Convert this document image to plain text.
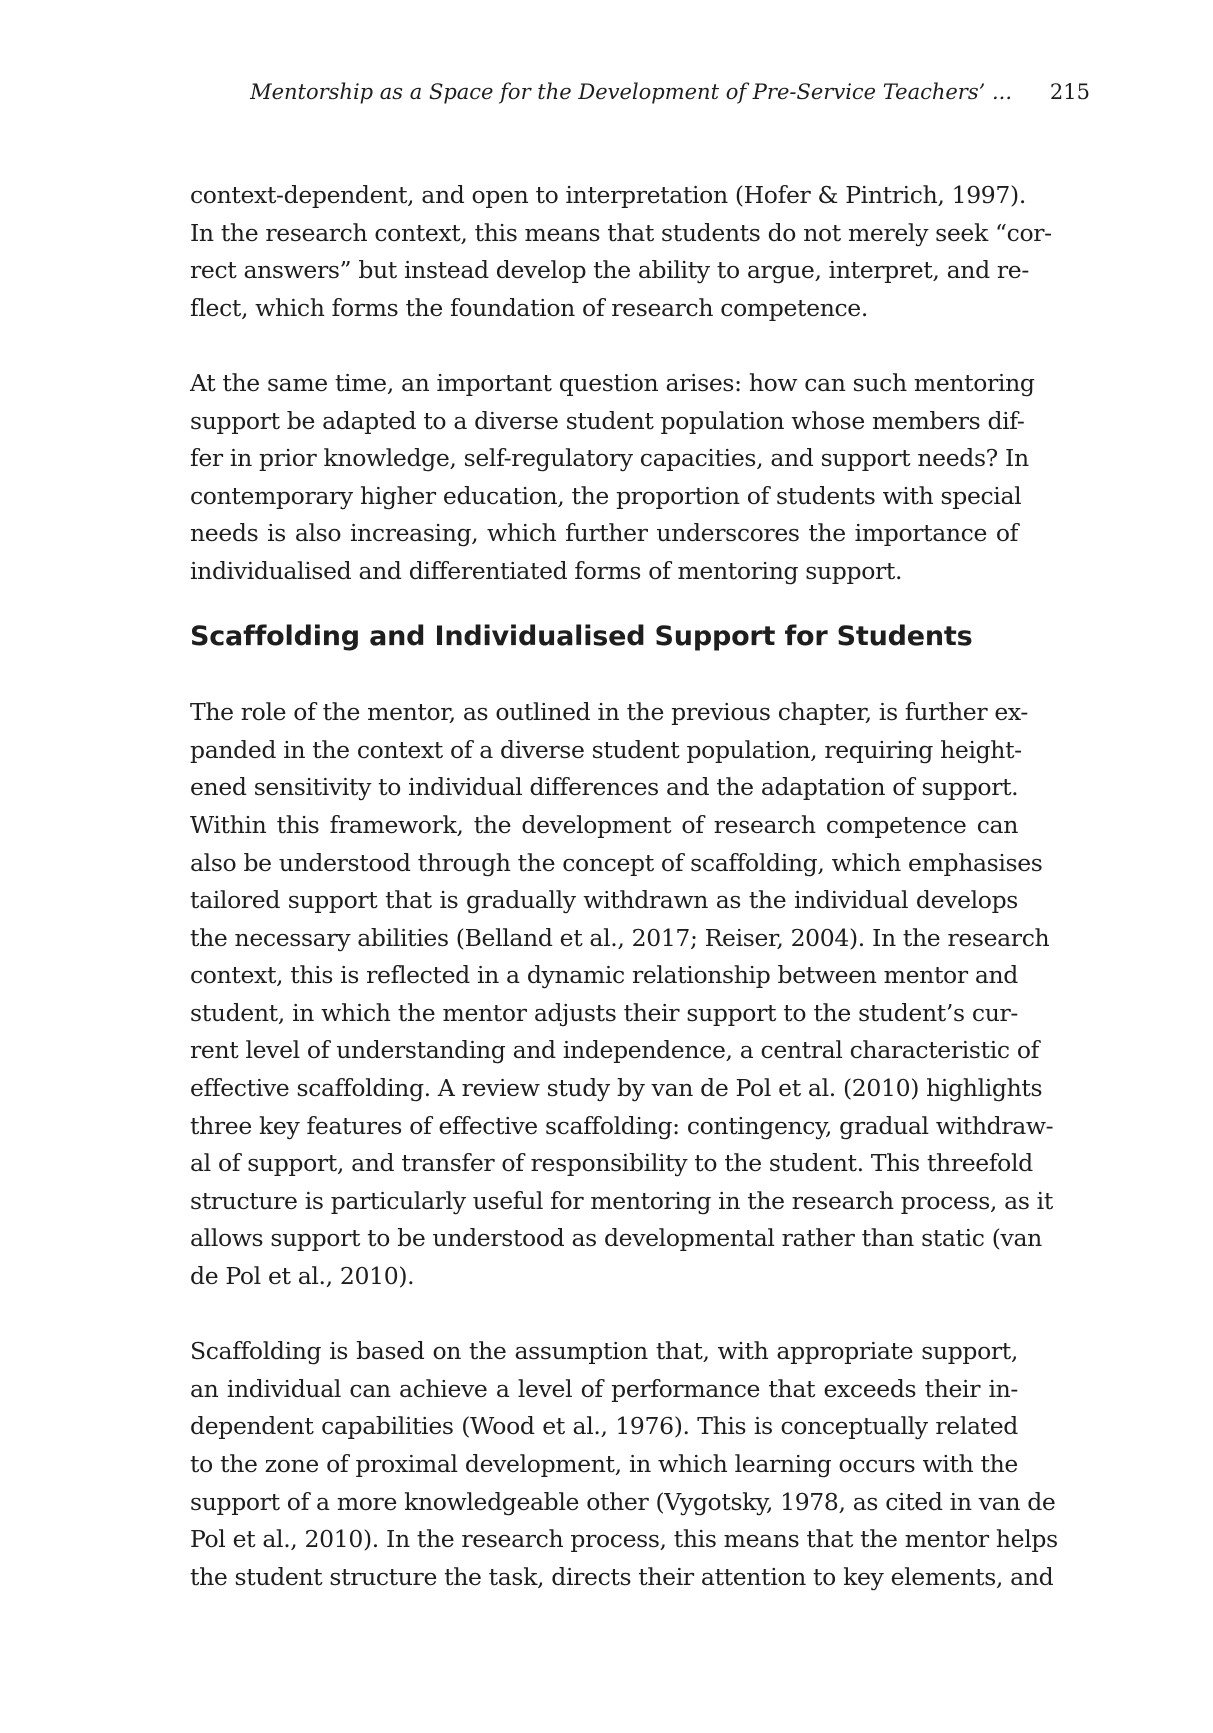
Mentorship as a Space for the Development of Pre-Service Teachers’ ... 215

context-dependent, and open to interpretation (Hofer & Pintrich, 1997).
In the research context, this means that students do not merely seek “cor-
rect answers” but instead develop the ability to argue, interpret, and re-
flect, which forms the foundation of research competence.

At the same time, an important question arises: how can such mentoring
support be adapted to a diverse student population whose members dif-
fer in prior knowledge, self-regulatory capacities, and support needs? In
contemporary higher education, the proportion of students with special
needs is also increasing, which further underscores the importance of
individualised and differentiated forms of mentoring support.

Scaffolding and Individualised Support for Students

The role of the mentor, as outlined in the previous chapter, is further ex-
panded in the context of a diverse student population, requiring height-
ened sensitivity to individual differences and the adaptation of support.
Within this framework, the development of research competence can
also be understood through the concept of scaffolding, which emphasises
tailored support that is gradually withdrawn as the individual develops
the necessary abilities (Belland et al., 2017; Reiser, 2004). In the research
context, this is reflected in a dynamic relationship between mentor and
student, in which the mentor adjusts their support to the student’s cur-
rent level of understanding and independence, a central characteristic of
effective scaffolding. A review study by van de Pol et al. (2010) highlights
three key features of effective scaffolding: contingency, gradual withdraw-
al of support, and transfer of responsibility to the student. This threefold
structure is particularly useful for mentoring in the research process, as it
allows support to be understood as developmental rather than static (van
de Pol et al., 2010).

Scaffolding is based on the assumption that, with appropriate support,
an individual can achieve a level of performance that exceeds their in-
dependent capabilities (Wood et al., 1976). This is conceptually related
to the zone of proximal development, in which learning occurs with the
support of a more knowledgeable other (Vygotsky, 1978, as cited in van de
Pol et al., 2010). In the research process, this means that the mentor helps
the student structure the task, directs their attention to key elements, and
